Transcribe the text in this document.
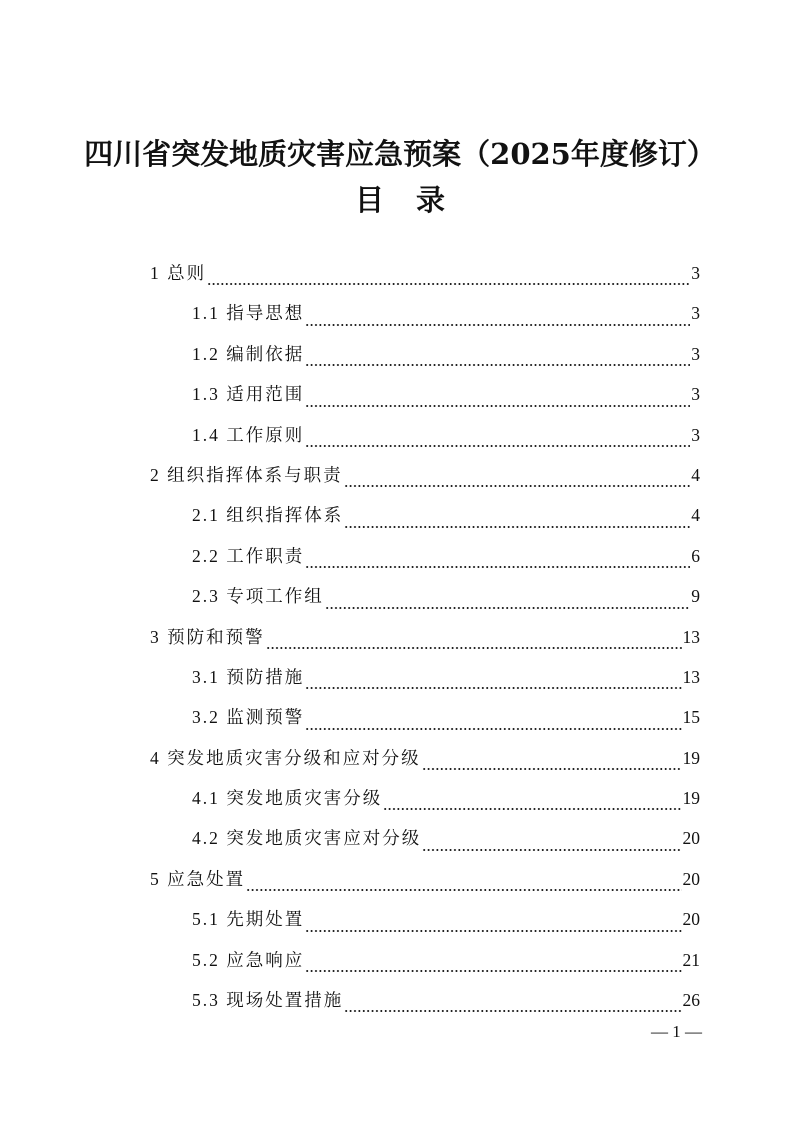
四川省突发地质灾害应急预案（2025年度修订）
目 录
1 总则	3
1.1 指导思想	3
1.2 编制依据	3
1.3 适用范围	3
1.4 工作原则	3
2 组织指挥体系与职责	4
2.1 组织指挥体系	4
2.2 工作职责	6
2.3 专项工作组	9
3 预防和预警	13
3.1 预防措施	13
3.2 监测预警	15
4 突发地质灾害分级和应对分级	19
4.1 突发地质灾害分级	19
4.2 突发地质灾害应对分级	20
5 应急处置	20
5.1 先期处置	20
5.2 应急响应	21
5.3 现场处置措施	26
— 1 —
